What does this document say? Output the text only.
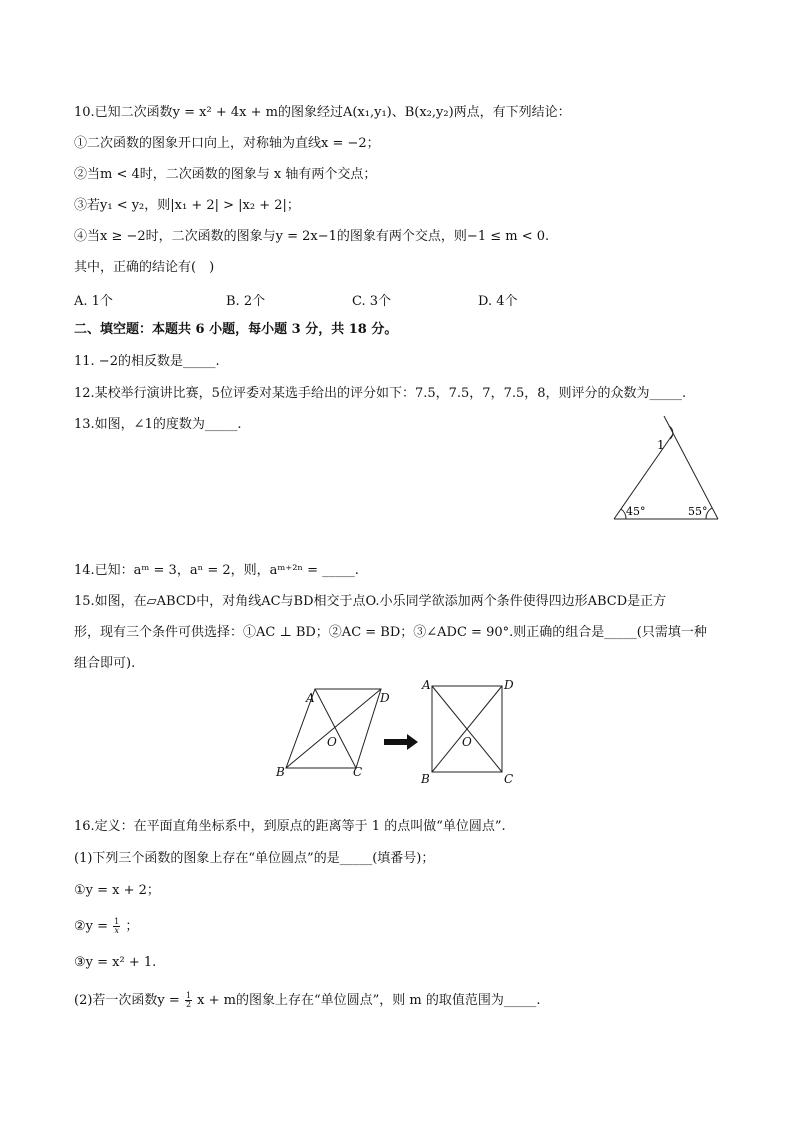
10.已知二次函数y = x² + 4x + m的图象经过A(x₁,y₁)、B(x₂,y₂)两点，有下列结论：
①二次函数的图象开口向上，对称轴为直线x = −2；
②当m < 4时，二次函数的图象与 x 轴有两个交点；
③若y₁ < y₂，则|x₁ + 2| > |x₂ + 2|；
④当x ≥ −2时，二次函数的图象与y = 2x−1的图象有两个交点，则−1 ≤ m < 0.
其中，正确的结论有(　)
A. 1个	B. 2个	C. 3个	D. 4个
二、填空题：本题共 6 小题，每小题 3 分，共 18 分。
11. −2的相反数是_____.
12.某校举行演讲比赛，5位评委对某选手给出的评分如下：7.5，7.5，7，7.5，8，则评分的众数为_____.
13.如图，∠1的度数为_____.
1
45°	55°
14.已知：aᵐ = 3，aⁿ = 2，则，aᵐ⁺²ⁿ = _____.
15.如图，在▱ABCD中，对角线AC与BD相交于点O.小乐同学欲添加两个条件使得四边形ABCD是正方
形，现有三个条件可供选择：①AC ⊥ BD；②AC = BD；③∠ADC = 90°.则正确的组合是_____(只需填一种
组合即可).
A	D
B	C
O
A	D
B	C
O
16.定义：在平面直角坐标系中，到原点的距离等于 1 的点叫做“单位圆点”.
(1)下列三个函数的图象上存在“单位圆点”的是_____(填番号)；
①y = x + 2；
②y = $\frac{1}{x}$ ；
③y = x² + 1.
(2)若一次函数$y = \frac{1}{2}$ x + m的图象上存在“单位圆点”，则 m 的取值范围为_____.
